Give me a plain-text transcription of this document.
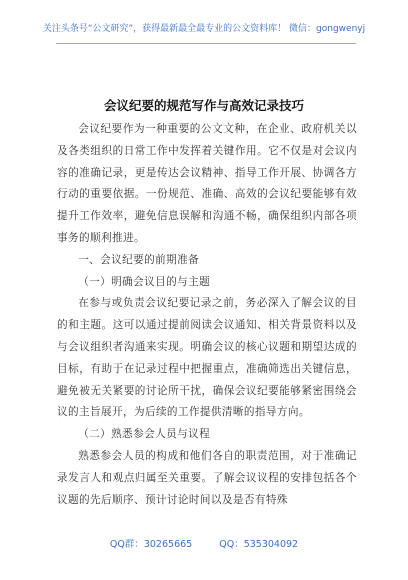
关注头条号“公文研究”，获得最新最全最专业的公文资料库！ 微信：gongwenyj
会议纪要的规范写作与高效记录技巧

会议纪要作为一种重要的公文文种，在企业、政府机关以及各类组织的日常工作中发挥着关键作用。它不仅是对会议内容的准确记录，更是传达会议精神、指导工作开展、协调各方行动的重要依据。一份规范、准确、高效的会议纪要能够有效提升工作效率，避免信息误解和沟通不畅，确保组织内部各项事务的顺利推进。

一、会议纪要的前期准备
（一）明确会议目的与主题

在参与或负责会议纪要记录之前，务必深入了解会议的目的和主题。这可以通过提前阅读会议通知、相关背景资料以及与会议组织者沟通来实现。明确会议的核心议题和期望达成的目标，有助于在记录过程中把握重点，准确筛选出关键信息，避免被无关紧要的讨论所干扰，确保会议纪要能够紧密围绕会议的主旨展开，为后续的工作提供清晰的指导方向。

（二）熟悉参会人员与议程

熟悉参会人员的构成和他们各自的职责范围，对于准确记录发言人和观点归属至关重要。了解会议议程的安排包括各个议题的先后顺序、预计讨论时间以及是否有特殊

QQ群：30265665	QQ：535304092
